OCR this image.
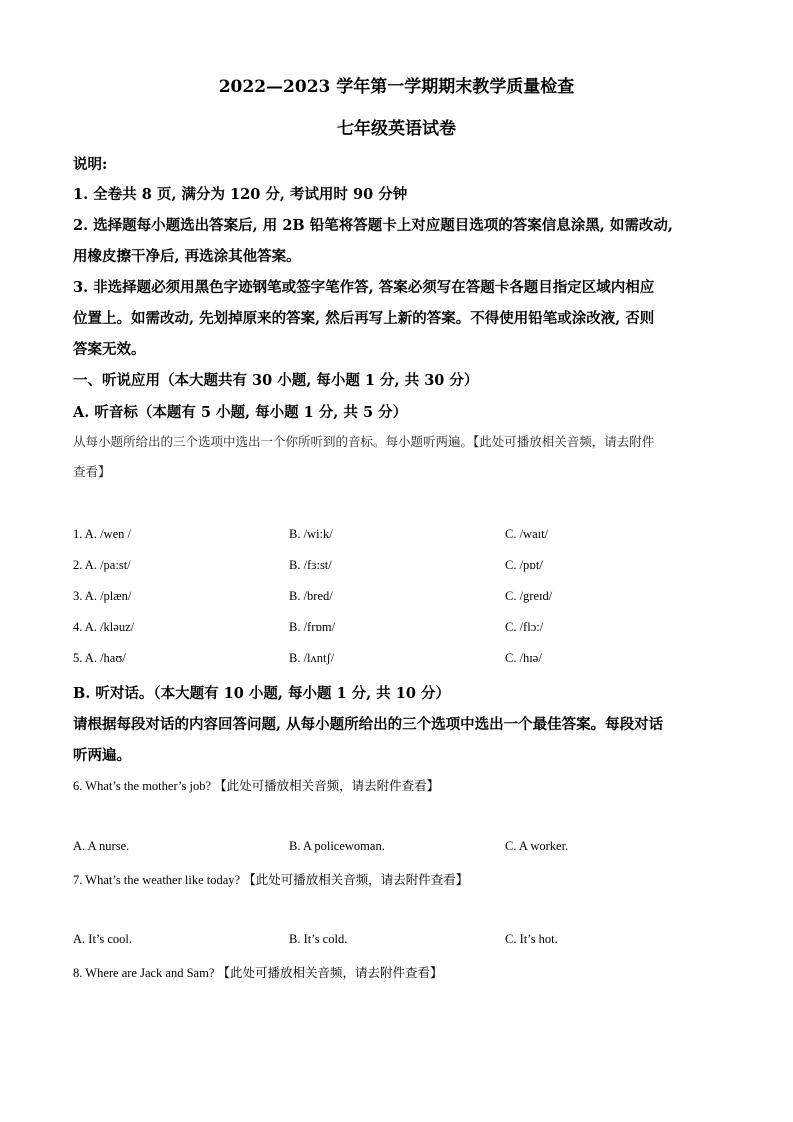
2022—2023 学年第一学期期末教学质量检查
七年级英语试卷
说明:
1. 全卷共 8 页, 满分为 120 分, 考试用时 90 分钟
2. 选择题每小题选出答案后, 用 2B 铅笔将答题卡上对应题目选项的答案信息涂黑, 如需改动,
用橡皮擦干净后, 再选涂其他答案。
3. 非选择题必须用黑色字迹钢笔或签字笔作答, 答案必须写在答题卡各题目指定区域内相应
位置上。如需改动, 先划掉原来的答案, 然后再写上新的答案。不得使用铅笔或涂改液, 否则
答案无效。
一、听说应用（本大题共有 30 小题, 每小题 1 分, 共 30 分）
A. 听音标（本题有 5 小题, 每小题 1 分, 共 5 分）
从每小题所给出的三个选项中选出一个你所听到的音标。每小题听两遍。【此处可播放相关音频，请去附件
查看】
1. A. /wen /	B. /wi:k/	C. /waɪt/
2. A. /pa:st/	B. /fɜ:st/	C. /pɒt/
3. A. /plæn/	B. /bred/	C. /greɪd/
4. A. /kləuz/	B. /frɒm/	C. /flɔ:/
5. A. /haʊ/	B. /lʌntʃ/	C. /hɪə/
B. 听对话。（本大题有 10 小题, 每小题 1 分, 共 10 分）
请根据每段对话的内容回答问题, 从每小题所给出的三个选项中选出一个最佳答案。每段对话
听两遍。
6. What’s the mother’s job? 【此处可播放相关音频，请去附件查看】
A. A nurse.	B. A policewoman.	C. A worker.
7. What’s the weather like today? 【此处可播放相关音频，请去附件查看】
A. It’s cool.	B. It’s cold.	C. It’s hot.
8. Where are Jack and Sam? 【此处可播放相关音频，请去附件查看】
